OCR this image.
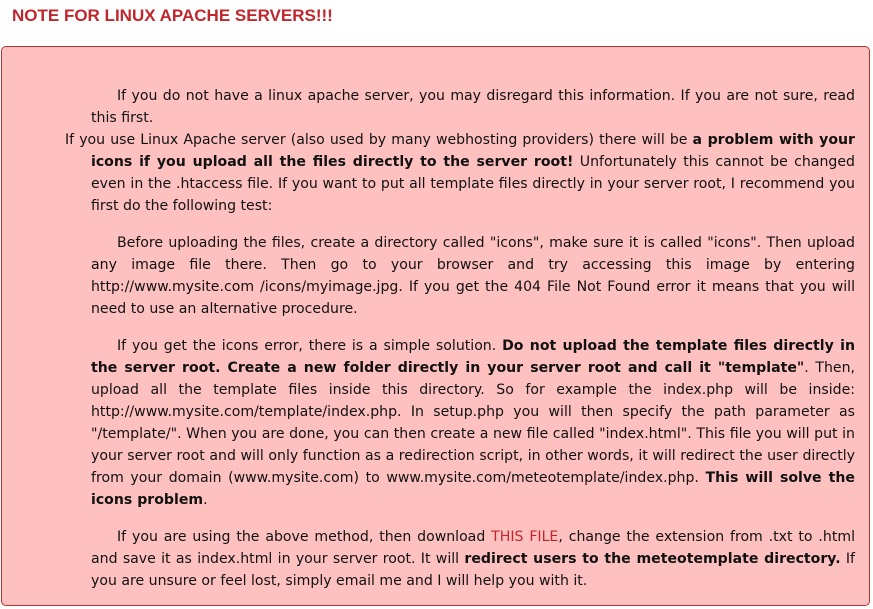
NOTE FOR LINUX APACHE SERVERS!!!

If you do not have a linux apache server, you may disregard this information. If you are not sure, read this first.
If you use Linux Apache server (also used by many webhosting providers) there will be a problem with your icons if you upload all the files directly to the server root! Unfortunately this cannot be changed even in the .htaccess file. If you want to put all template files directly in your server root, I recommend you first do the following test:

Before uploading the files, create a directory called "icons", make sure it is called "icons". Then upload any image file there. Then go to your browser and try accessing this image by entering http://www.mysite.com /icons/myimage.jpg. If you get the 404 File Not Found error it means that you will need to use an alternative procedure.

If you get the icons error, there is a simple solution. Do not upload the template files directly in the server root. Create a new folder directly in your server root and call it "template". Then, upload all the template files inside this directory. So for example the index.php will be inside: http://www.mysite.com/template/index.php. In setup.php you will then specify the path parameter as "/template/". When you are done, you can then create a new file called "index.html". This file you will put in your server root and will only function as a redirection script, in other words, it will redirect the user directly from your domain (www.mysite.com) to www.mysite.com/meteotemplate/index.php. This will solve the icons problem.

If you are using the above method, then download THIS FILE, change the extension from .txt to .html and save it as index.html in your server root. It will redirect users to the meteotemplate directory. If you are unsure or feel lost, simply email me and I will help you with it.
